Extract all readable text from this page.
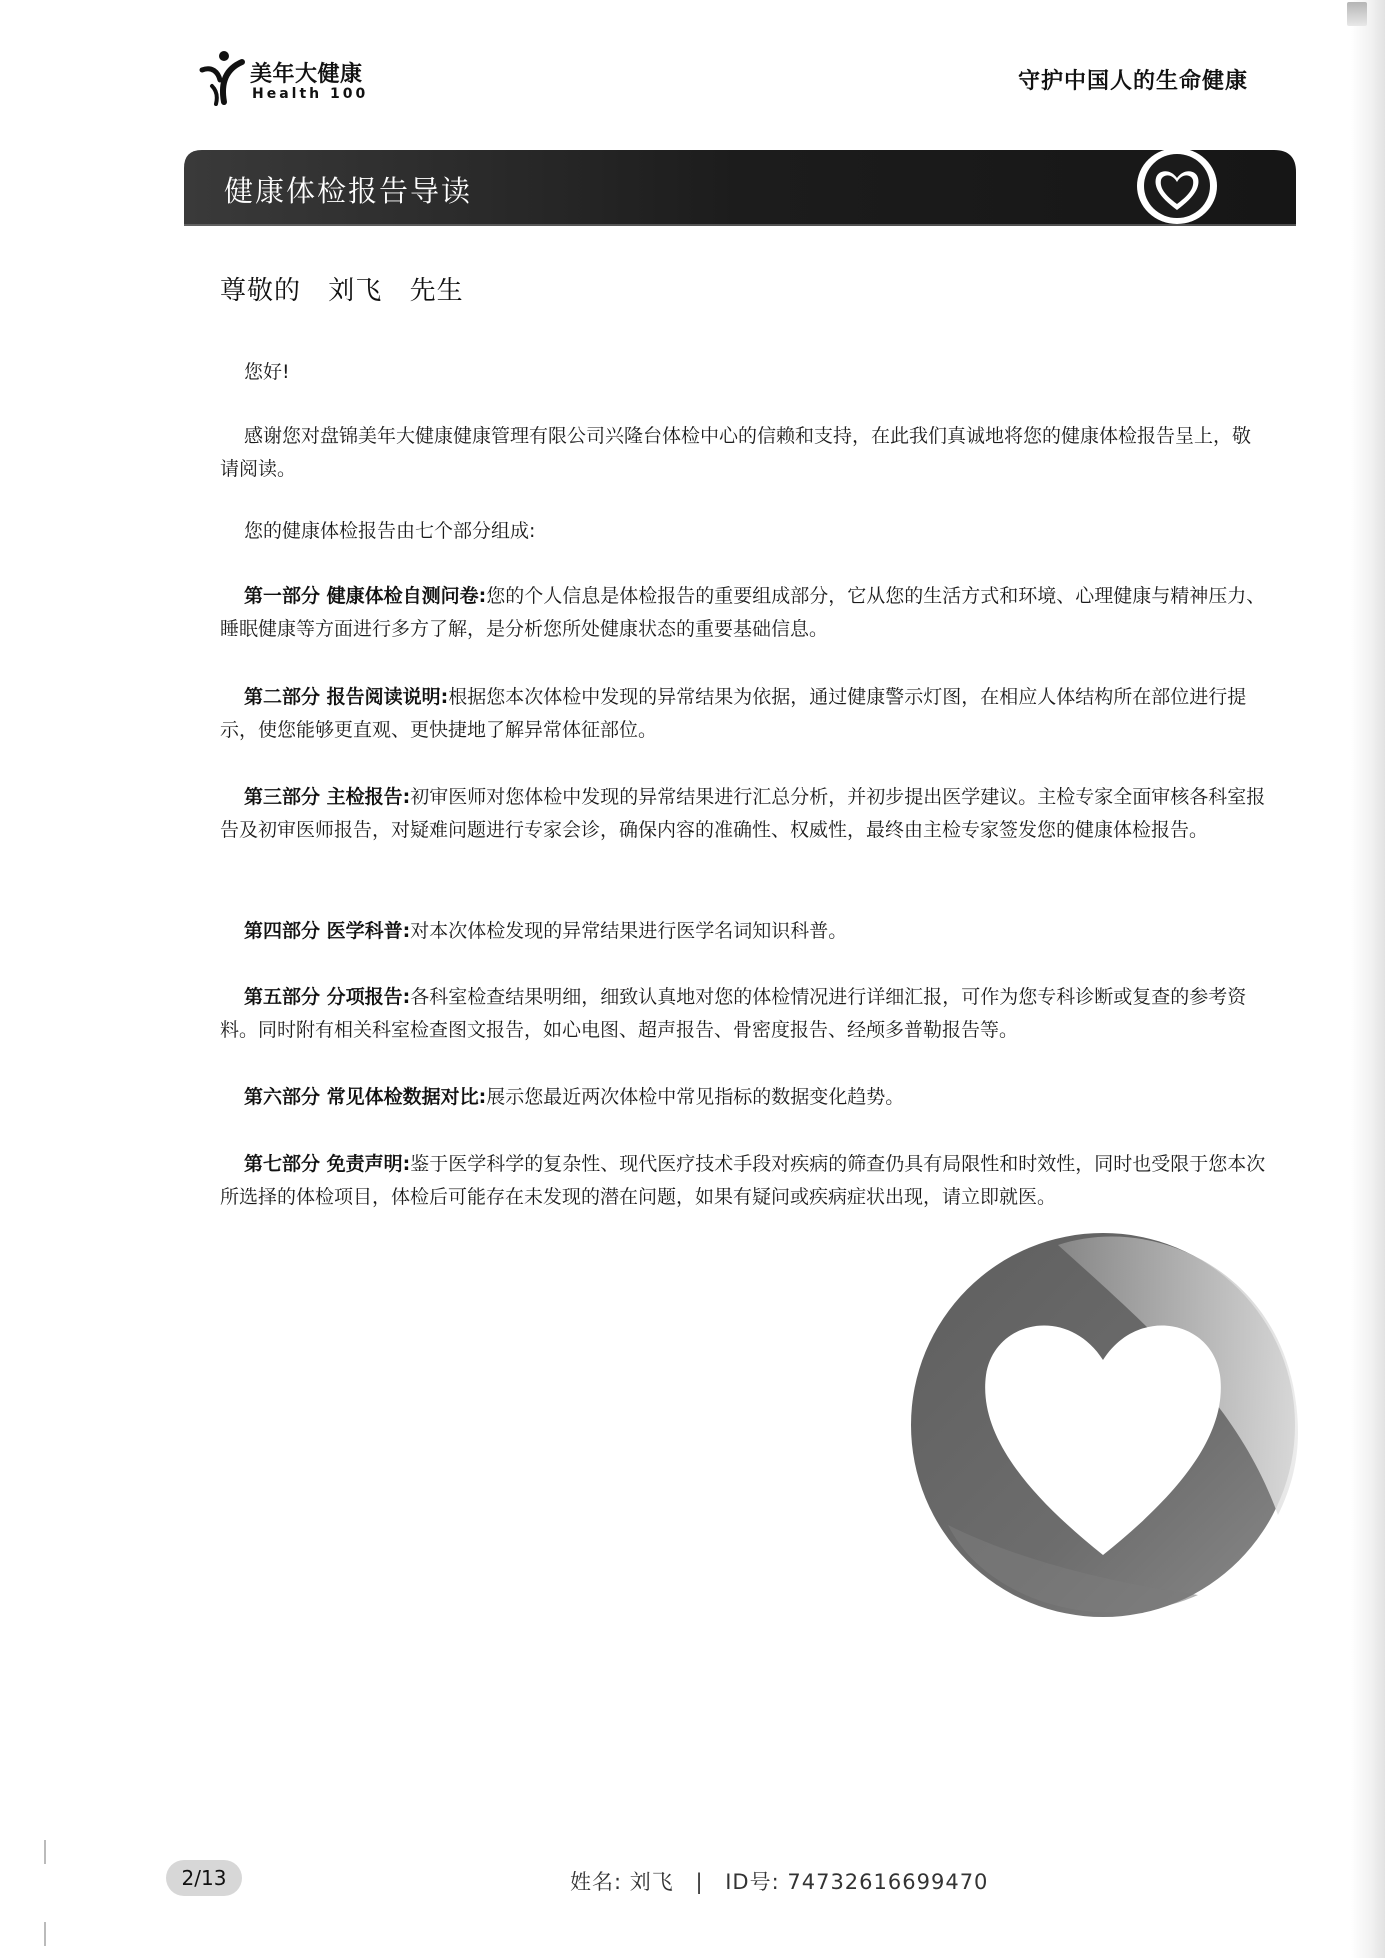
美年大健康
Health 100	守护中国人的生命健康
健康体检报告导读
尊敬的 刘飞 先生
您好!
感谢您对盘锦美年大健康健康管理有限公司兴隆台体检中心的信赖和支持，在此我们真诚地将您的健康体检报告呈上，敬请阅读。
您的健康体检报告由七个部分组成:
第一部分 健康体检自测问卷:您的个人信息是体检报告的重要组成部分，它从您的生活方式和环境、心理健康与精神压力、睡眠健康等方面进行多方了解，是分析您所处健康状态的重要基础信息。
第二部分 报告阅读说明:根据您本次体检中发现的异常结果为依据，通过健康警示灯图，在相应人体结构所在部位进行提示，使您能够更直观、更快捷地了解异常体征部位。
第三部分 主检报告:初审医师对您体检中发现的异常结果进行汇总分析，并初步提出医学建议。主检专家全面审核各科室报告及初审医师报告，对疑难问题进行专家会诊，确保内容的准确性、权威性，最终由主检专家签发您的健康体检报告。
第四部分 医学科普:对本次体检发现的异常结果进行医学名词知识科普。
第五部分 分项报告:各科室检查结果明细，细致认真地对您的体检情况进行详细汇报，可作为您专科诊断或复查的参考资料。同时附有相关科室检查图文报告，如心电图、超声报告、骨密度报告、经颅多普勒报告等。
第六部分 常见体检数据对比:展示您最近两次体检中常见指标的数据变化趋势。
第七部分 免责声明:鉴于医学科学的复杂性、现代医疗技术手段对疾病的筛查仍具有局限性和时效性，同时也受限于您本次所选择的体检项目，体检后可能存在未发现的潜在问题，如果有疑问或疾病症状出现，请立即就医。
2/13	姓名: 刘飞 | ID号: 74732616699470
